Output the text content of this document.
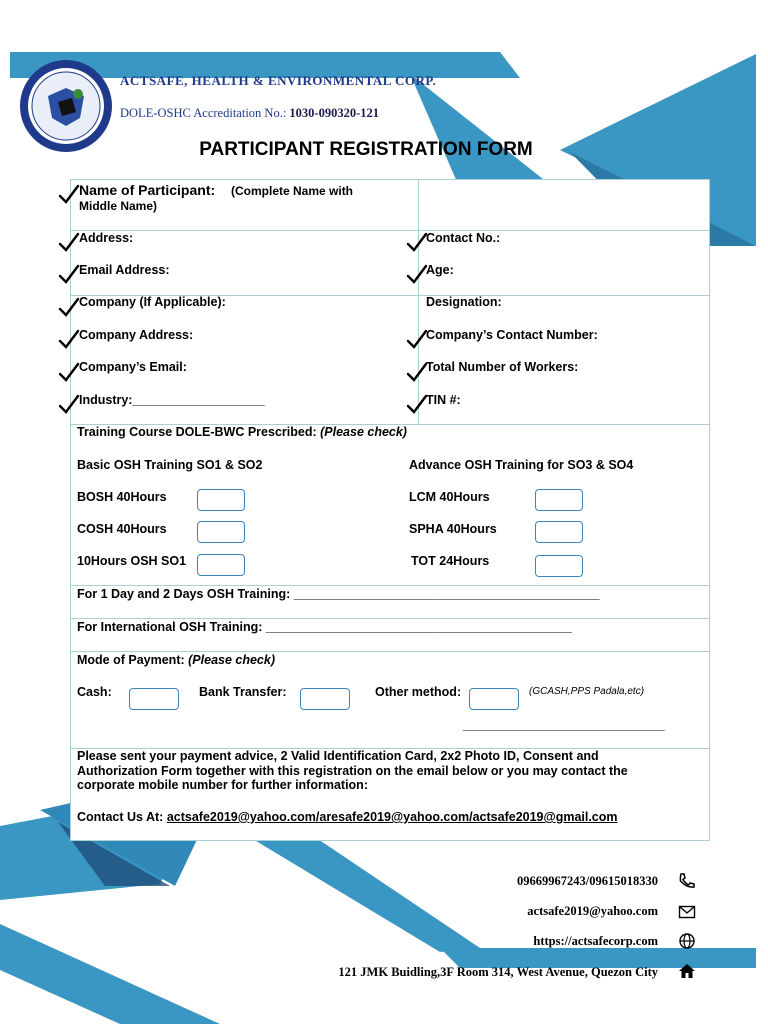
ACTSAFE, HEALTH & ENVIRONMENTAL CORP.
DOLE-OSHC Accreditation No.: 1030-090320-121
PARTICIPANT REGISTRATION FORM
Name of Participant:	(Complete Name with Middle Name)
Address:	Contact No.:
Email Address:	Age:
Company (If Applicable):	Designation:
Company Address:	Company’s Contact Number:
Company’s Email:	Total Number of Workers:
Industry:___________________	TIN #:
Training Course DOLE-BWC Prescribed: (Please check)
Basic OSH Training SO1 & SO2	Advance OSH Training for SO3 & SO4
BOSH 40Hours	LCM 40Hours
COSH 40Hours	SPHA 40Hours
10Hours OSH SO1	TOT 24Hours
For 1 Day and 2 Days OSH Training: ____________________________________________
For International OSH Training: ____________________________________________
Mode of Payment: (Please check)
Cash:	Bank Transfer:	Other method:	(GCASH,PPS Padala,etc)
_____________________________
Please sent your payment advice, 2 Valid Identification Card, 2x2 Photo ID, Consent and Authorization Form together with this registration on the email below or you may contact the corporate mobile number for further information:
Contact Us At: actsafe2019@yahoo.com/aresafe2019@yahoo.com/actsafe2019@gmail.com
09669967243/09615018330
actsafe2019@yahoo.com
https://actsafecorp.com
121 JMK Buidling,3F Room 314, West Avenue, Quezon City
